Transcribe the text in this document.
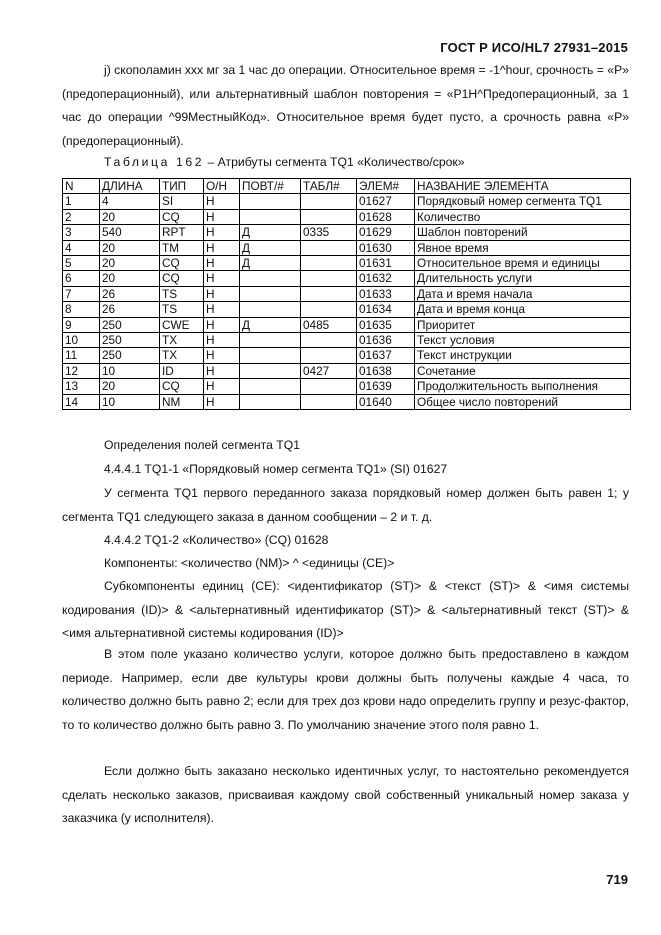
ГОСТ Р ИСО/HL7 27931–2015

j) скополамин ххх мг за 1 час до операции. Относительное время = -1^hour, срочность = «P» (предоперационный), или альтернативный шаблон повторения = «P1H^Предоперационный, за 1 час до операции ^99МестныйКод». Относительное время будет пусто, а срочность равна «P» (предоперационный).

Таблица 162 – Атрибуты сегмента TQ1 «Количество/срок»
N	ДЛИНА	ТИП	О/Н	ПОВТ/#	ТАБЛ#	ЭЛЕМ#	НАЗВАНИЕ ЭЛЕМЕНТА
1	4	SI	Н			01627	Порядковый номер сегмента TQ1
2	20	CQ	Н			01628	Количество
3	540	RPT	Н	Д	0335	01629	Шаблон повторений
4	20	TM	Н	Д		01630	Явное время
5	20	CQ	Н	Д		01631	Относительное время и единицы
6	20	CQ	Н			01632	Длительность услуги
7	26	TS	Н			01633	Дата и время начала
8	26	TS	Н			01634	Дата и время конца
9	250	CWE	Н	Д	0485	01635	Приоритет
10	250	TX	Н			01636	Текст условия
11	250	TX	Н			01637	Текст инструкции
12	10	ID	Н		0427	01638	Сочетание
13	20	CQ	Н			01639	Продолжительность выполнения
14	10	NM	Н			01640	Общее число повторений

Определения полей сегмента TQ1

4.4.4.1 TQ1-1 «Порядковый номер сегмента TQ1» (SI) 01627

У сегмента TQ1 первого переданного заказа порядковый номер должен быть равен 1; у сегмента TQ1 следующего заказа в данном сообщении – 2 и т. д.

4.4.4.2 TQ1-2 «Количество» (CQ) 01628

Компоненты: <количество (NM)> ^ <единицы (CE)>

Субкомпоненты единиц (CE): <идентификатор (ST)> & <текст (ST)> & <имя системы кодирования (ID)> & <альтернативный идентификатор (ST)> & <альтернативный текст (ST)> & <имя альтернативной системы кодирования (ID)>

В этом поле указано количество услуги, которое должно быть предоставлено в каждом периоде. Например, если две культуры крови должны быть получены каждые 4 часа, то количество должно быть равно 2; если для трех доз крови надо определить группу и резус-фактор, то то количество должно быть равно 3. По умолчанию значение этого поля равно 1.

Если должно быть заказано несколько идентичных услуг, то настоятельно рекомендуется сделать несколько заказов, присваивая каждому свой собственный уникальный номер заказа у заказчика (у исполнителя).

719
